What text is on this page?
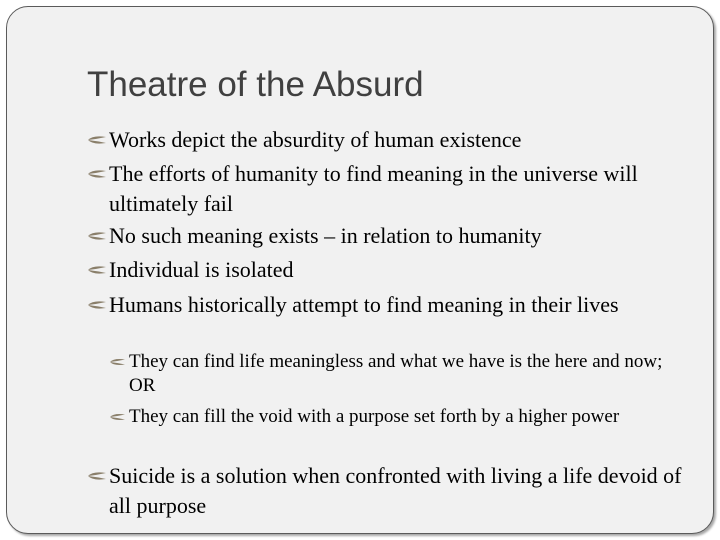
Theatre of the Absurd
Works depict the absurdity of human existence
The efforts of humanity to find meaning in the universe will ultimately fail
No such meaning exists – in relation to humanity
Individual is isolated
Humans historically attempt to find meaning in their lives
They can find life meaningless and what we have is the here and now; OR
They can fill the void with a purpose set forth by a higher power
Suicide is a solution when confronted with living a life devoid of all purpose
